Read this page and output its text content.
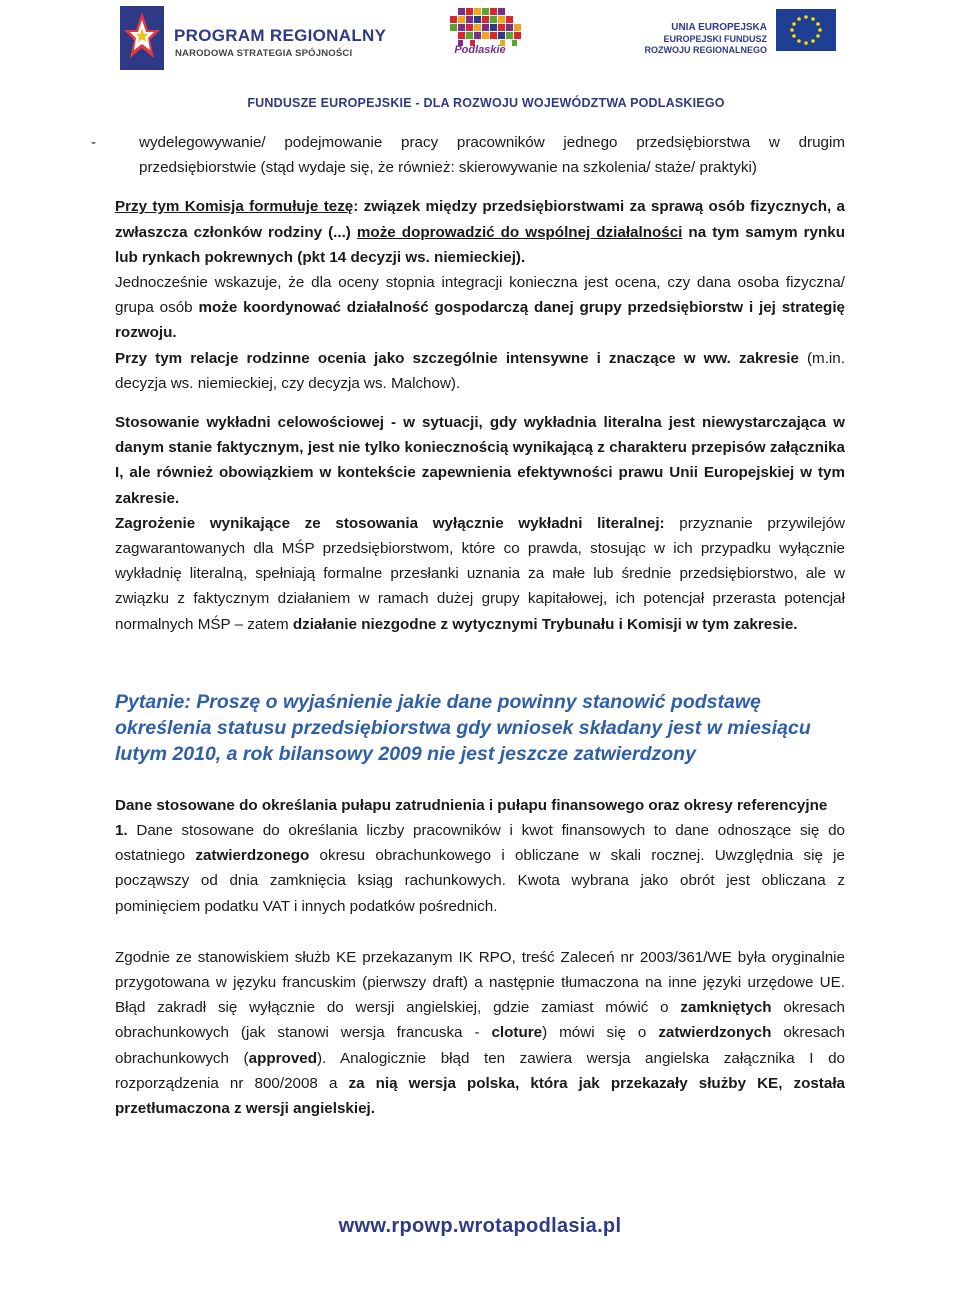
PROGRAM REGIONALNY
NARODOWA STRATEGIA SPÓJNOŚCI	Podlaskie
UNIA EUROPEJSKA
EUROPEJSKI FUNDUSZ
ROZWOJU REGIONALNEGO
FUNDUSZE EUROPEJSKIE - DLA ROZWOJU WOJEWÓDZTWA PODLASKIEGO

-	wydelegowywanie/ podejmowanie pracy pracowników jednego przedsiębiorstwa w drugim przedsiębiorstwie (stąd wydaje się, że również: skierowywanie na szkolenia/ staże/ praktyki)

Przy tym Komisja formułuje tezę: związek między przedsiębiorstwami za sprawą osób fizycznych, a zwłaszcza członków rodziny (...) może doprowadzić do wspólnej działalności na tym samym rynku lub rynkach pokrewnych (pkt 14 decyzji ws. niemieckiej).

Jednocześnie wskazuje, że dla oceny stopnia integracji konieczna jest ocena, czy dana osoba fizyczna/ grupa osób może koordynować działalność gospodarczą danej grupy przedsiębiorstw i jej strategię rozwoju.

Przy tym relacje rodzinne ocenia jako szczególnie intensywne i znaczące w ww. zakresie (m.in. decyzja ws. niemieckiej, czy decyzja ws. Malchow).

Stosowanie wykładni celowościowej - w sytuacji, gdy wykładnia literalna jest niewystarczająca w danym stanie faktycznym, jest nie tylko koniecznością wynikającą z charakteru przepisów załącznika I, ale również obowiązkiem w kontekście zapewnienia efektywności prawu Unii Europejskiej w tym zakresie.

Zagrożenie wynikające ze stosowania wyłącznie wykładni literalnej: przyznanie przywilejów zagwarantowanych dla MŚP przedsiębiorstwom, które co prawda, stosując w ich przypadku wyłącznie wykładnię literalną, spełniają formalne przesłanki uznania za małe lub średnie przedsiębiorstwo, ale w związku z faktycznym działaniem w ramach dużej grupy kapitałowej, ich potencjał przerasta potencjał normalnych MŚP – zatem działanie niezgodne z wytycznymi Trybunału i Komisji w tym zakresie.

Pytanie: Proszę o wyjaśnienie jakie dane powinny stanowić podstawę określenia statusu przedsiębiorstwa gdy wniosek składany jest w miesiącu lutym 2010, a rok bilansowy 2009 nie jest jeszcze zatwierdzony

Dane stosowane do określania pułapu zatrudnienia i pułapu finansowego oraz okresy referencyjne

1. Dane stosowane do określania liczby pracowników i kwot finansowych to dane odnoszące się do ostatniego zatwierdzonego okresu obrachunkowego i obliczane w skali rocznej. Uwzględnia się je począwszy od dnia zamknięcia ksiąg rachunkowych. Kwota wybrana jako obrót jest obliczana z pominięciem podatku VAT i innych podatków pośrednich.

Zgodnie ze stanowiskiem służb KE przekazanym IK RPO, treść Zaleceń nr 2003/361/WE była oryginalnie przygotowana w języku francuskim (pierwszy draft) a następnie tłumaczona na inne języki urzędowe UE. Błąd zakradł się wyłącznie do wersji angielskiej, gdzie zamiast mówić o zamkniętych okresach obrachunkowych (jak stanowi wersja francuska - cloture) mówi się o zatwierdzonych okresach obrachunkowych (approved). Analogicznie błąd ten zawiera wersja angielska załącznika I do rozporządzenia nr 800/2008 a za nią wersja polska, która jak przekazały służby KE, została przetłumaczona z wersji angielskiej.

www.rpowp.wrotapodlasia.pl
